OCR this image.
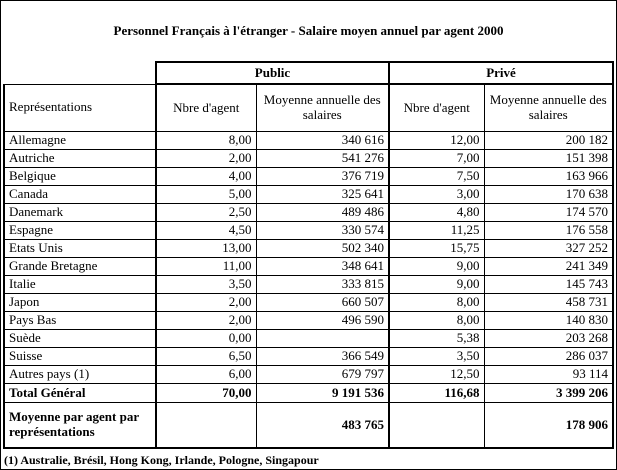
Personnel Français à l'étranger - Salaire moyen annuel par agent 2000
	Public		Privé	
Représentations	Nbre d'agent	Moyenne annuelle des salaires	Nbre d'agent	Moyenne annuelle des salaires
Allemagne	8,00	340 616	12,00	200 182
Autriche	2,00	541 276	7,00	151 398
Belgique	4,00	376 719	7,50	163 966
Canada	5,00	325 641	3,00	170 638
Danemark	2,50	489 486	4,80	174 570
Espagne	4,50	330 574	11,25	176 558
Etats Unis	13,00	502 340	15,75	327 252
Grande Bretagne	11,00	348 641	9,00	241 349
Italie	3,50	333 815	9,00	145 743
Japon	2,00	660 507	8,00	458 731
Pays Bas	2,00	496 590	8,00	140 830
Suède	0,00		5,38	203 268
Suisse	6,50	366 549	3,50	286 037
Autres pays (1)	6,00	679 797	12,50	93 114
Total Général	70,00	9 191 536	116,68	3 399 206
Moyenne par agent par représentations		483 765		178 906
(1) Australie, Brésil, Hong Kong, Irlande, Pologne, Singapour
